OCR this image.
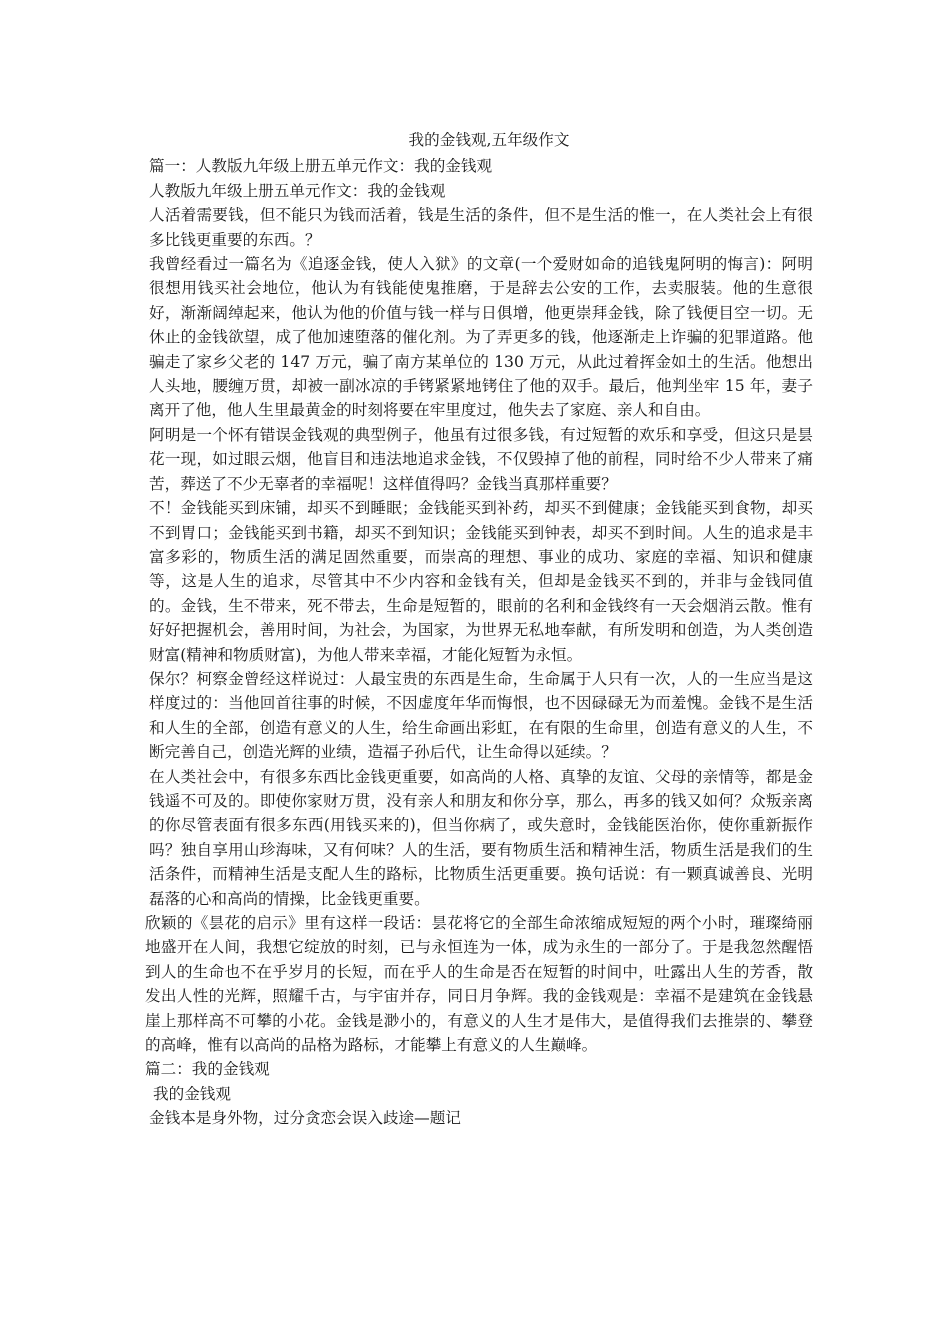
我的金钱观,五年级作文

篇一：人教版九年级上册五单元作文：我的金钱观

人教版九年级上册五单元作文：我的金钱观

人活着需要钱，但不能只为钱而活着，钱是生活的条件，但不是生活的惟一，在人类社会上有很多比钱更重要的东西。？

我曾经看过一篇名为《追逐金钱，使人入狱》的文章(一个爱财如命的追钱鬼阿明的悔言)：阿明很想用钱买社会地位，他认为有钱能使鬼推磨，于是辞去公安的工作，去卖服装。他的生意很好，渐渐阔绰起来，他认为他的价值与钱一样与日俱增，他更崇拜金钱，除了钱便目空一切。无休止的金钱欲望，成了他加速堕落的催化剂。为了弄更多的钱，他逐渐走上诈骗的犯罪道路。他骗走了家乡父老的 147 万元，骗了南方某单位的 130 万元，从此过着挥金如土的生活。他想出人头地，腰缠万贯，却被一副冰凉的手铐紧紧地铐住了他的双手。最后，他判坐牢 15 年，妻子离开了他，他人生里最黄金的时刻将要在牢里度过，他失去了家庭、亲人和自由。

阿明是一个怀有错误金钱观的典型例子，他虽有过很多钱，有过短暂的欢乐和享受，但这只是昙花一现，如过眼云烟，他盲目和违法地追求金钱，不仅毁掉了他的前程，同时给不少人带来了痛苦，葬送了不少无辜者的幸福呢！这样值得吗？金钱当真那样重要？

不！金钱能买到床铺，却买不到睡眠；金钱能买到补药，却买不到健康；金钱能买到食物，却买不到胃口；金钱能买到书籍，却买不到知识；金钱能买到钟表，却买不到时间。人生的追求是丰富多彩的，物质生活的满足固然重要，而崇高的理想、事业的成功、家庭的幸福、知识和健康等，这是人生的追求，尽管其中不少内容和金钱有关，但却是金钱买不到的，并非与金钱同值的。金钱，生不带来，死不带去，生命是短暂的，眼前的名利和金钱终有一天会烟消云散。惟有好好把握机会，善用时间，为社会，为国家，为世界无私地奉献，有所发明和创造，为人类创造财富(精神和物质财富)，为他人带来幸福，才能化短暂为永恒。

保尔？柯察金曾经这样说过：人最宝贵的东西是生命，生命属于人只有一次，人的一生应当是这样度过的：当他回首往事的时候，不因虚度年华而悔恨，也不因碌碌无为而羞愧。金钱不是生活和人生的全部，创造有意义的人生，给生命画出彩虹，在有限的生命里，创造有意义的人生，不断完善自己，创造光辉的业绩，造福子孙后代，让生命得以延续。？

在人类社会中，有很多东西比金钱更重要，如高尚的人格、真挚的友谊、父母的亲情等，都是金钱遥不可及的。即使你家财万贯，没有亲人和朋友和你分享，那么，再多的钱又如何？众叛亲离的你尽管表面有很多东西(用钱买来的)，但当你病了，或失意时，金钱能医治你，使你重新振作吗？独自享用山珍海味，又有何味？人的生活，要有物质生活和精神生活，物质生活是我们的生活条件，而精神生活是支配人生的路标，比物质生活更重要。换句话说：有一颗真诚善良、光明磊落的心和高尚的情操，比金钱更重要。

欣颖的《昙花的启示》里有这样一段话：昙花将它的全部生命浓缩成短短的两个小时，璀璨绮丽地盛开在人间，我想它绽放的时刻，已与永恒连为一体，成为永生的一部分了。于是我忽然醒悟到人的生命也不在乎岁月的长短，而在乎人的生命是否在短暂的时间中，吐露出人生的芳香，散发出人性的光辉，照耀千古，与宇宙并存，同日月争辉。我的金钱观是：幸福不是建筑在金钱悬崖上那样高不可攀的小花。金钱是渺小的，有意义的人生才是伟大，是值得我们去推崇的、攀登的高峰，惟有以高尚的品格为路标，才能攀上有意义的人生巅峰。

篇二：我的金钱观

我的金钱观

金钱本是身外物，过分贪恋会误入歧途—题记
